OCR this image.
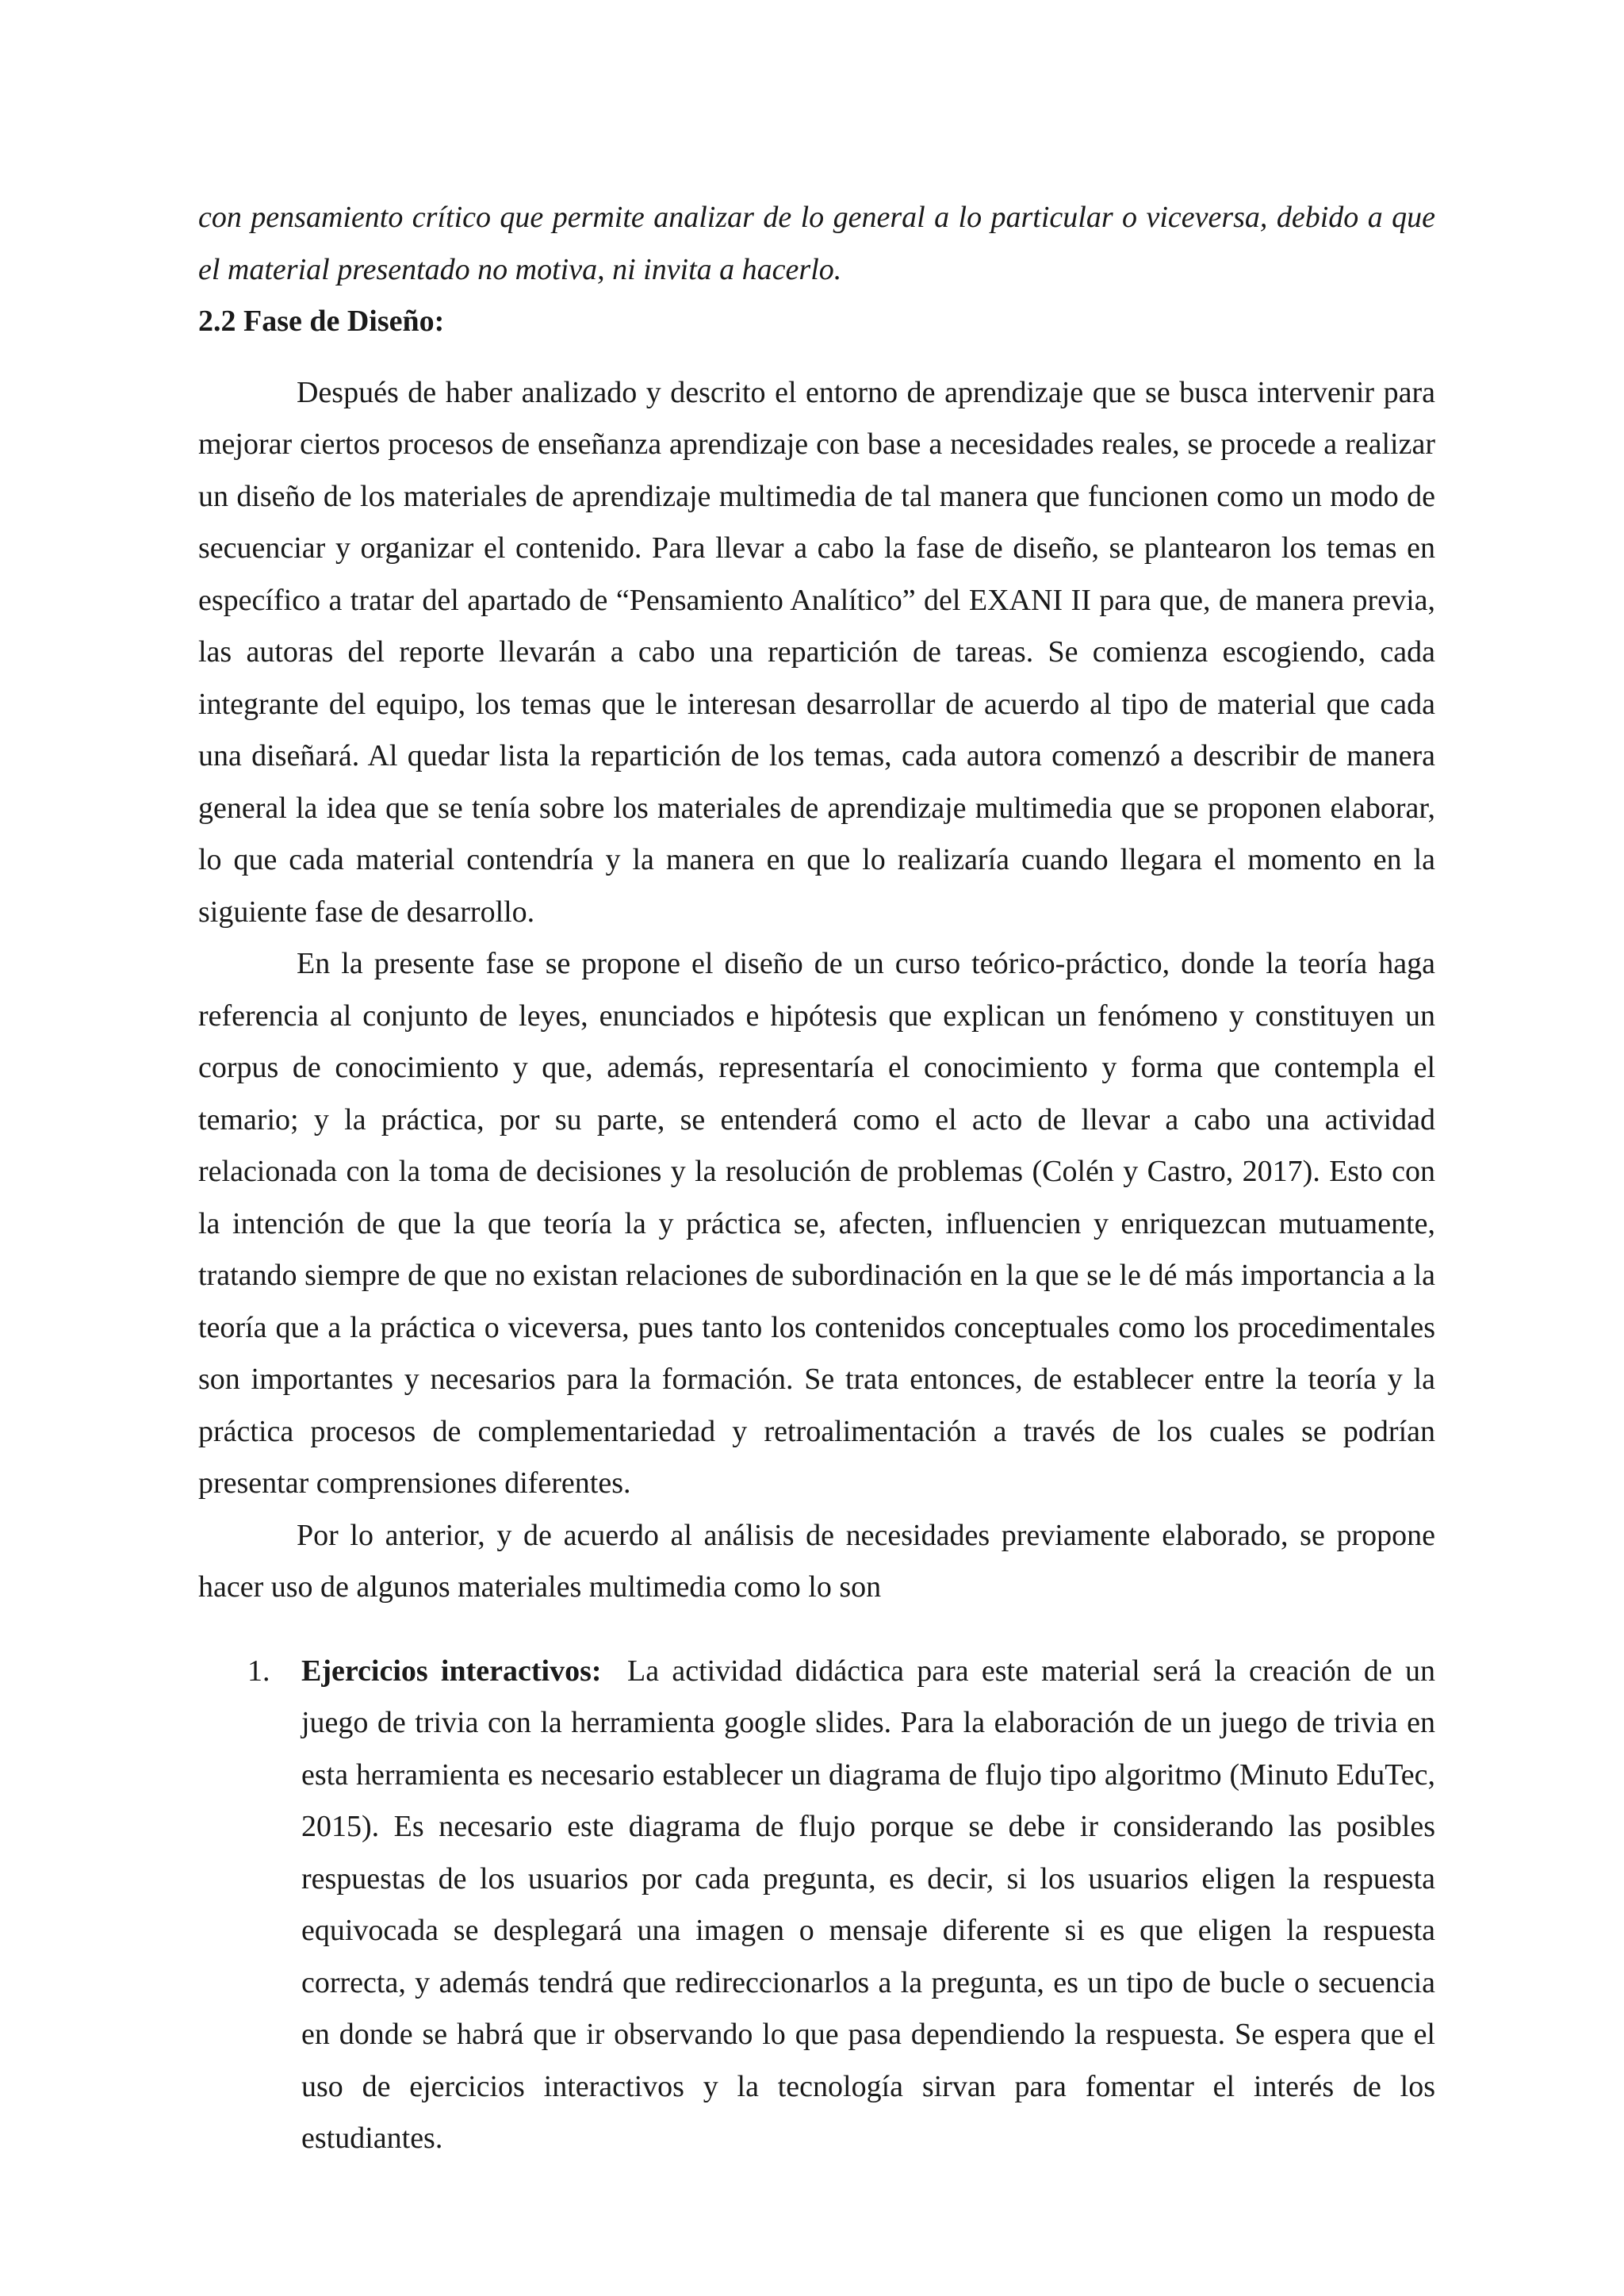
con pensamiento crítico que permite analizar de lo general a lo particular o viceversa, debido a que el material presentado no motiva, ni invita a hacerlo.

2.2 Fase de Diseño:

Después de haber analizado y descrito el entorno de aprendizaje que se busca intervenir para mejorar ciertos procesos de enseñanza aprendizaje con base a necesidades reales, se procede a realizar un diseño de los materiales de aprendizaje multimedia de tal manera que funcionen como un modo de secuenciar y organizar el contenido. Para llevar a cabo la fase de diseño, se plantearon los temas en específico a tratar del apartado de “Pensamiento Analítico” del EXANI II para que, de manera previa, las autoras del reporte llevarán a cabo una repartición de tareas. Se comienza escogiendo, cada integrante del equipo, los temas que le interesan desarrollar de acuerdo al tipo de material que cada una diseñará. Al quedar lista la repartición de los temas, cada autora comenzó a describir de manera general la idea que se tenía sobre los materiales de aprendizaje multimedia que se proponen elaborar, lo que cada material contendría y la manera en que lo realizaría cuando llegara el momento en la siguiente fase de desarrollo.

En la presente fase se propone el diseño de un curso teórico-práctico, donde la teoría haga referencia al conjunto de leyes, enunciados e hipótesis que explican un fenómeno y constituyen un corpus de conocimiento y que, además, representaría el conocimiento y forma que contempla el temario; y la práctica, por su parte, se entenderá como el acto de llevar a cabo una actividad relacionada con la toma de decisiones y la resolución de problemas (Colén y Castro, 2017). Esto con la intención de que la que teoría la y práctica se, afecten, influencien y enriquezcan mutuamente, tratando siempre de que no existan relaciones de subordinación en la que se le dé más importancia a la teoría que a la práctica o viceversa, pues tanto los contenidos conceptuales como los procedimentales son importantes y necesarios para la formación. Se trata entonces, de establecer entre la teoría y la práctica procesos de complementariedad y retroalimentación a través de los cuales se podrían presentar comprensiones diferentes.

Por lo anterior, y de acuerdo al análisis de necesidades previamente elaborado, se propone hacer uso de algunos materiales multimedia como lo son

1. Ejercicios interactivos: La actividad didáctica para este material será la creación de un juego de trivia con la herramienta google slides. Para la elaboración de un juego de trivia en esta herramienta es necesario establecer un diagrama de flujo tipo algoritmo (Minuto EduTec, 2015). Es necesario este diagrama de flujo porque se debe ir considerando las posibles respuestas de los usuarios por cada pregunta, es decir, si los usuarios eligen la respuesta equivocada se desplegará una imagen o mensaje diferente si es que eligen la respuesta correcta, y además tendrá que redireccionarlos a la pregunta, es un tipo de bucle o secuencia en donde se habrá que ir observando lo que pasa dependiendo la respuesta. Se espera que el uso de ejercicios interactivos y la tecnología sirvan para fomentar el interés de los estudiantes.
